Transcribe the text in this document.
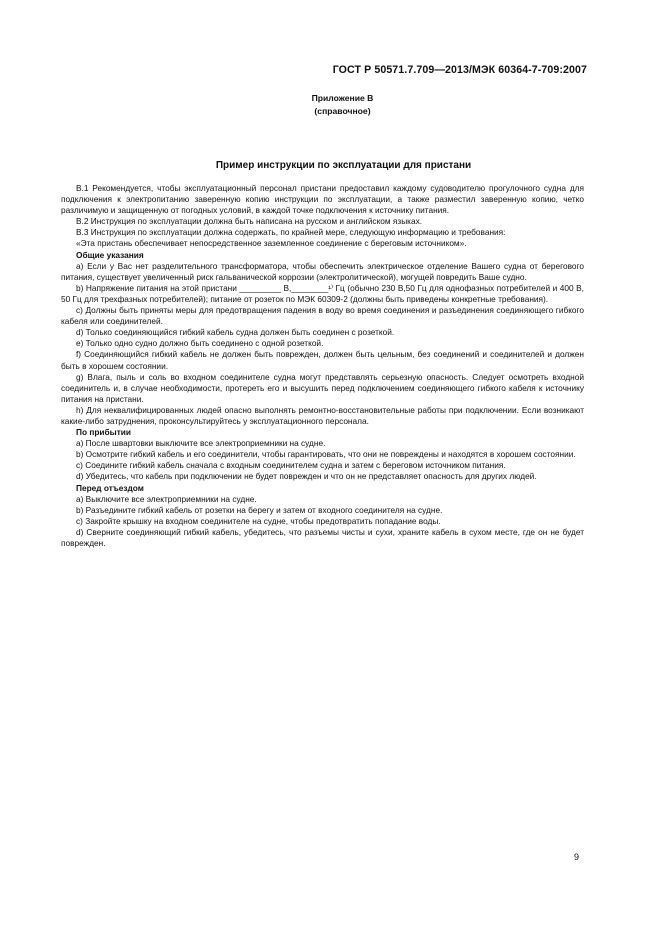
ГОСТ Р 50571.7.709—2013/МЭК 60364-7-709:2007
Приложение В
(справочное)
Пример инструкции по эксплуатации для пристани

В.1 Рекомендуется, чтобы эксплуатационный персонал пристани предоставил каждому судоводителю прогулочного судна для подключения к электропитанию заверенную копию инструкции по эксплуатации, а также разместил заверенную копию, четко различимую и защищенную от погодных условий, в каждой точке подключения к источнику питания.

В.2 Инструкция по эксплуатации должна быть написана на русском и английском языках.

В.3 Инструкция по эксплуатации должна содержать, по крайней мере, следующую информацию и требования:

«Эта пристань обеспечивает непосредственное заземленное соединение с береговым источником».

Общие указания

a) Если у Вас нет разделительного трансформатора, чтобы обеспечить электрическое отделение Вашего судна от берегового питания, существует увеличенный риск гальванической коррозии (электролитической), могущей повредить Ваше судно.

b) Напряжение питания на этой пристани _________ В,________¹⁾ Гц (обычно 230 В,50 Гц для однофазных потребителей и 400 В, 50 Гц для трехфазных потребителей); питание от розеток по МЭК 60309-2 (должны быть приведены конкретные требования).

c) Должны быть приняты меры для предотвращения падения в воду во время соединения и разъединения соединяющего гибкого кабеля или соединителей.

d) Только соединяющийся гибкий кабель судна должен быть соединен с розеткой.

e) Только одно судно должно быть соединено с одной розеткой.

f) Соединяющийся гибкий кабель не должен быть поврежден, должен быть цельным, без соединений и соединителей и должен быть в хорошем состоянии.

g) Влага, пыль и соль во входном соединителе судна могут представлять серьезную опасность. Следует осмотреть входной соединитель и, в случае необходимости, протереть его и высушить перед подключением соединяющего гибкого кабеля к источнику питания на пристани.

h) Для неквалифицированных людей опасно выполнять ремонтно-восстановительные работы при подключении. Если возникают какие-либо затруднения, проконсультируйтесь у эксплуатационного персонала.

По прибытии

a) После швартовки выключите все электроприемники на судне.

b) Осмотрите гибкий кабель и его соединители, чтобы гарантировать, что они не повреждены и находятся в хорошем состоянии.

c) Соедините гибкий кабель сначала с входным соединителем судна и затем с береговом источником питания.

d) Убедитесь, что кабель при подключении не будет поврежден и что он не представляет опасность для других людей.

Перед отъездом

a) Выключите все электроприемники на судне.

b) Разъедините гибкий кабель от розетки на берегу и затем от входного соединителя на судне.

c) Закройте крышку на входном соединителе на судне, чтобы предотвратить попадание воды.

d) Сверните соединяющий гибкий кабель, убедитесь, что разъемы чисты и сухи, храните кабель в сухом месте, где он не будет поврежден.

9
